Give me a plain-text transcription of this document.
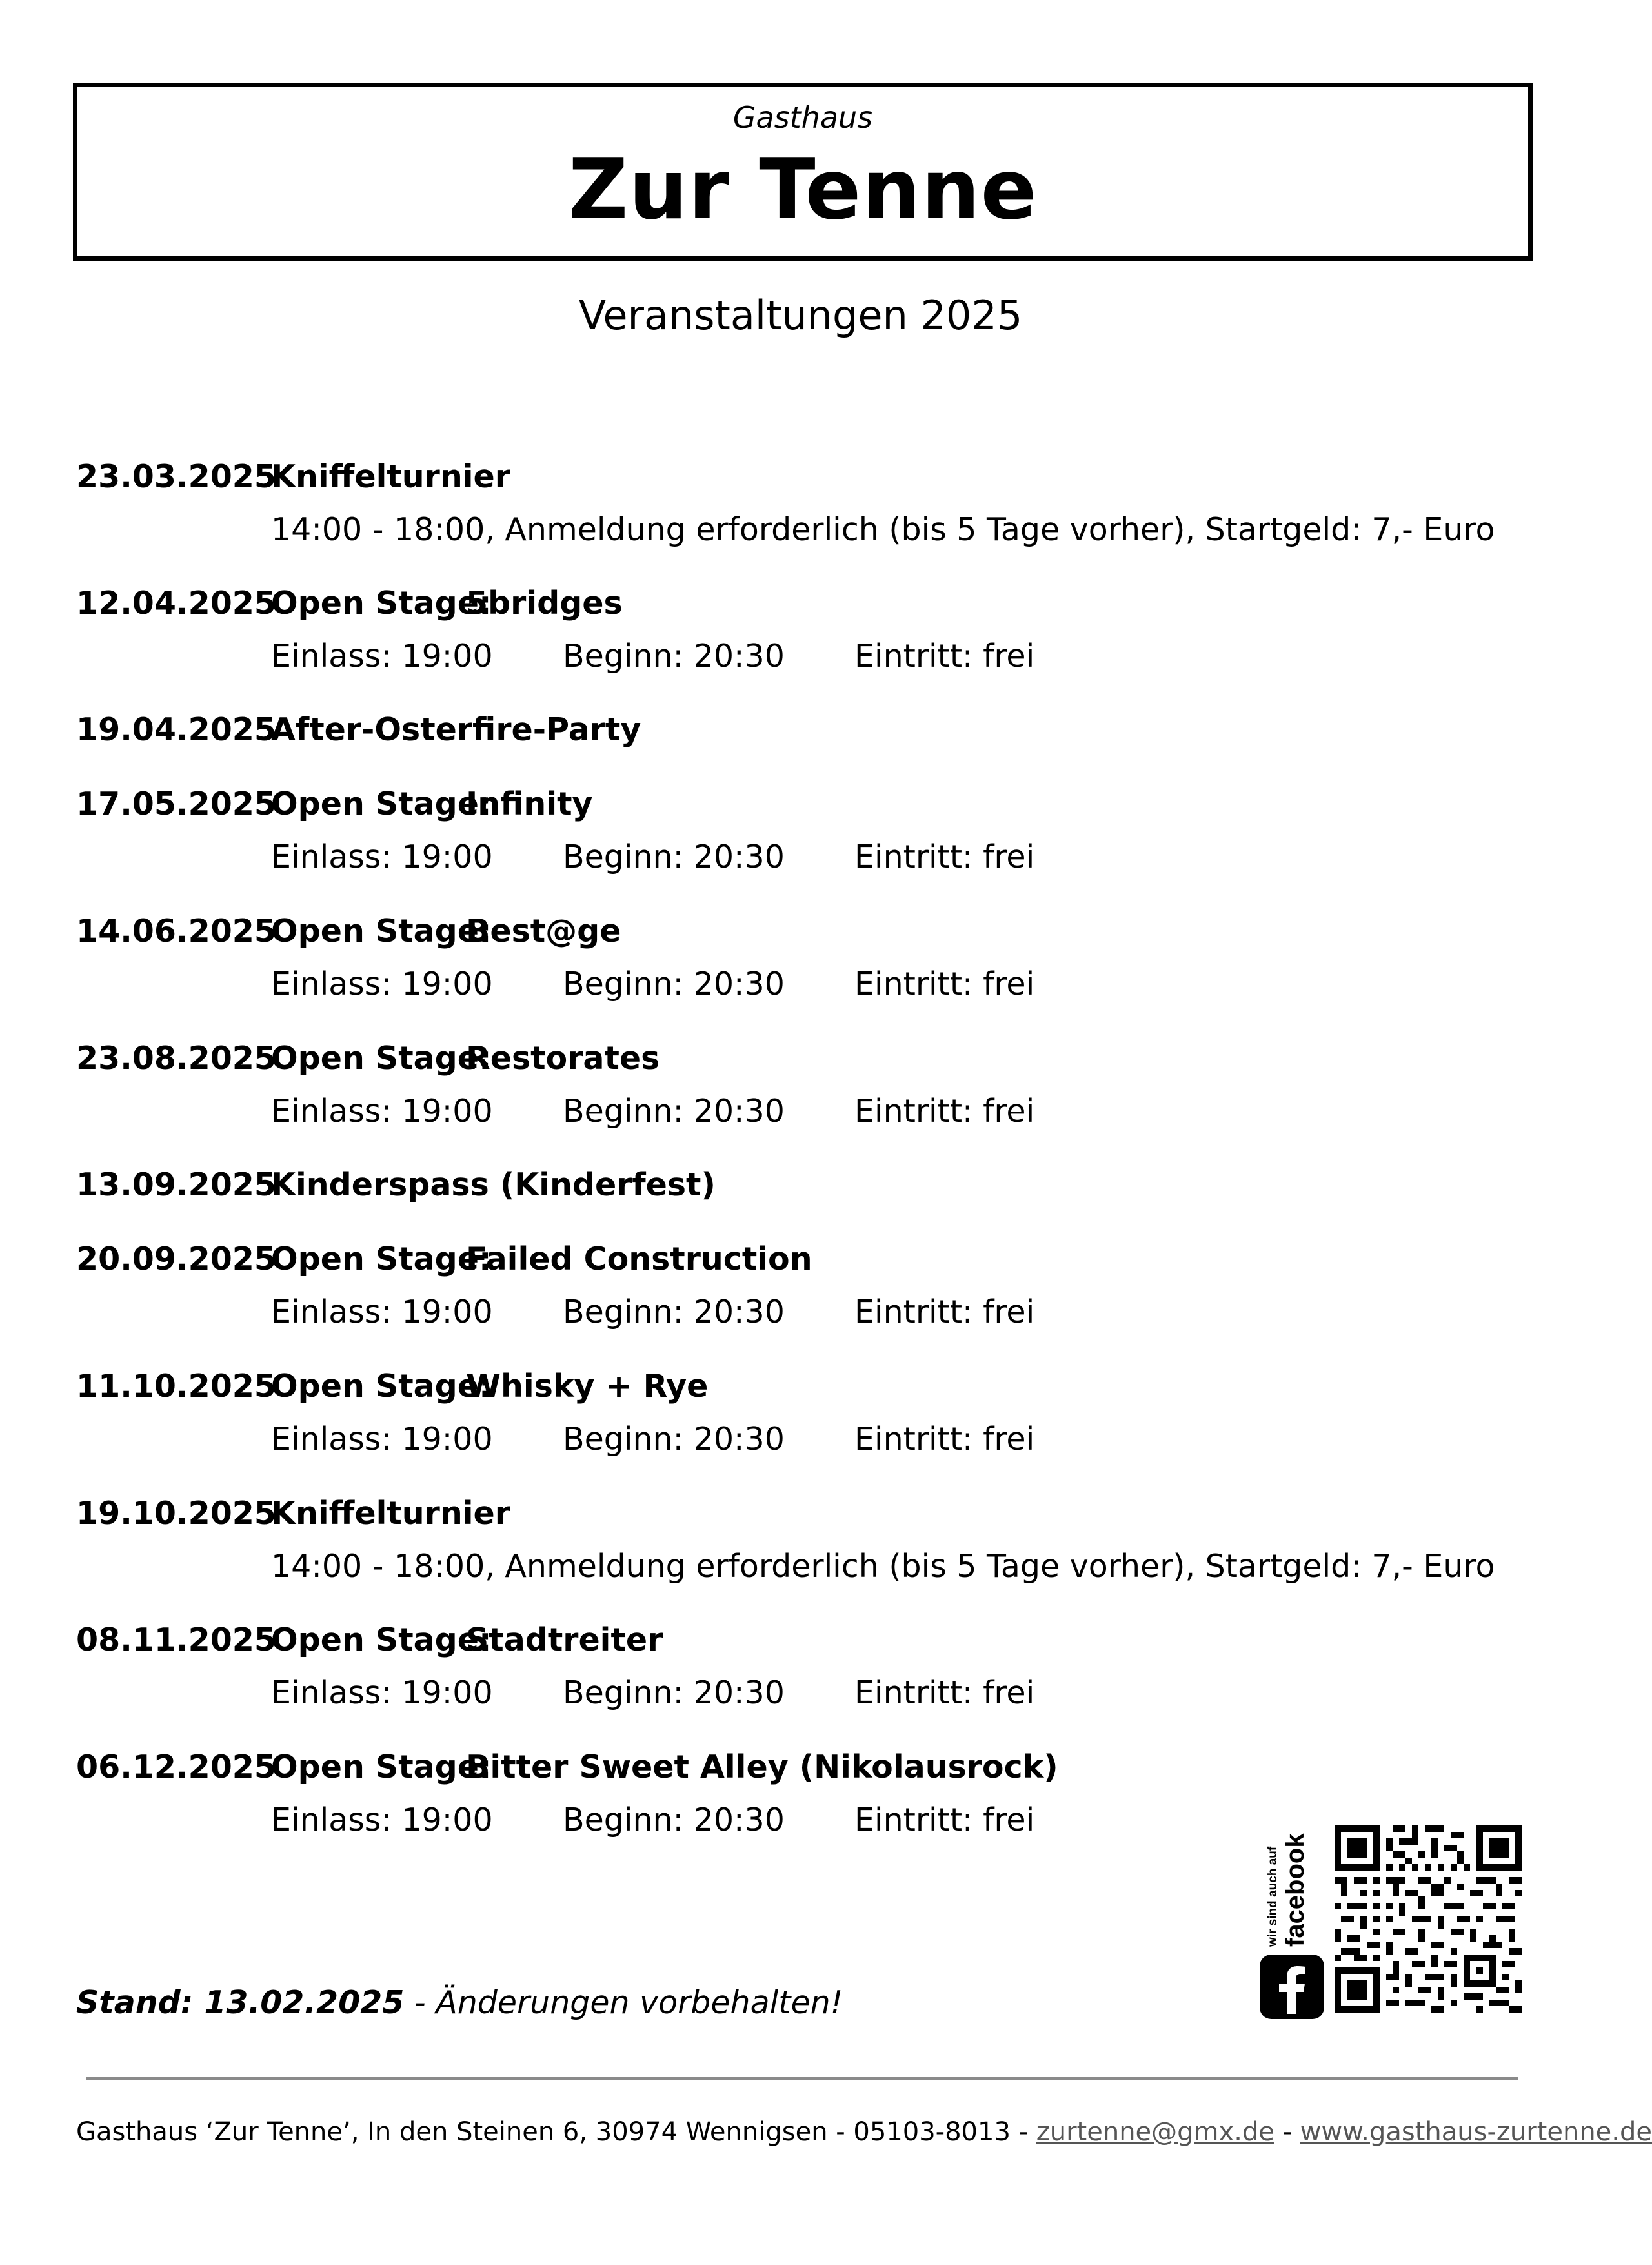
Gasthaus
Zur Tenne
Veranstaltungen 2025
23.03.2025
Kniffelturnier
14:00 - 18:00, Anmeldung erforderlich (bis 5 Tage vorher), Startgeld: 7,- Euro
12.04.2025
Open Stage:5bridges
Einlass: 19:00 Beginn: 20:30 Eintritt: frei
19.04.2025
After-Osterfire-Party
17.05.2025
Open Stage:Infinity
Einlass: 19:00 Beginn: 20:30 Eintritt: frei
14.06.2025
Open Stage:Best@ge
Einlass: 19:00 Beginn: 20:30 Eintritt: frei
23.08.2025
Open Stage:Restorates
Einlass: 19:00 Beginn: 20:30 Eintritt: frei
13.09.2025
Kinderspass (Kinderfest)
20.09.2025
Open Stage:Failed Construction
Einlass: 19:00 Beginn: 20:30 Eintritt: frei
11.10.2025
Open Stage:Whisky + Rye
Einlass: 19:00 Beginn: 20:30 Eintritt: frei
19.10.2025
Kniffelturnier
14:00 - 18:00, Anmeldung erforderlich (bis 5 Tage vorher), Startgeld: 7,- Euro
08.11.2025
Open Stage:Stadtreiter
Einlass: 19:00 Beginn: 20:30 Eintritt: frei
06.12.2025
Open Stage:Bitter Sweet Alley (Nikolausrock)
Einlass: 19:00 Beginn: 20:30 Eintritt: frei
Stand: 13.02.2025 - Änderungen vorbehalten!
wir sind auch auf facebook
Gasthaus ‘Zur Tenne’, In den Steinen 6, 30974 Wennigsen - 05103-8013 - zurtenne@gmx.de - www.gasthaus-zurtenne.de
